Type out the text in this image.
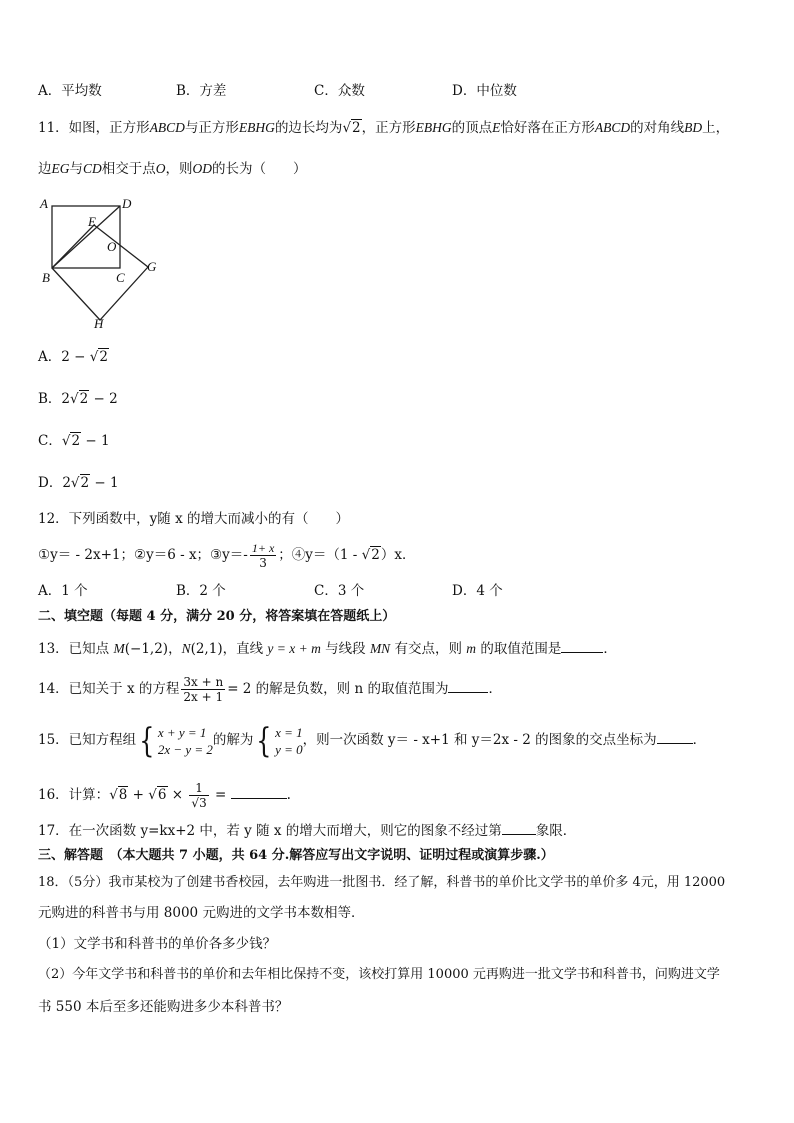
A．平均数	B．方差	C．众数	D．中位数
11．如图，正方形ABCD与正方形EBHG的边长均为√2，正方形EBHG的顶点E恰好落在正方形ABCD的对角线BD上，
边EG与CD相交于点O，则OD的长为（　　）
A	D
E
O
B	C
G
H
A．2 − √2
B．2√2 − 2
C．√2 − 1
D．2√2 − 1
12．下列函数中，y随 x 的增大而减小的有（　　）
①y＝ - 2x+1；②y＝6 - x；③y＝- $\frac{1+ x}{3}$ ；④y＝（1 - √2）x．
A．1 个	B．2 个	C．3 个	D．4 个
二、填空题（每题 4 分，满分 20 分，将答案填在答题纸上）
13．已知点 M(−1,2)，N(2,1)，直线 y = x + m 与线段 MN 有交点，则 m 的取值范围是	．
14．已知关于 x 的方程 $\frac{3x + n}{2x + 1} = 2$ 的解是负数，则 n 的取值范围为	．
15．已知方程组{ x + y = 1
2x − y = 2
的解为{ x = 1
y = 0
，则一次函数 y＝ - x+1 和 y＝2x - 2 的图象的交点坐标为	．
16．计算：$√8 + √6 \times \frac{1}{√3}$ =	.
17．在一次函数 y=kx+2 中，若 y 随 x 的增大而增大，则它的图象不经过第	象限．
三、解答题　（本大题共 7 小题，共 64 分.解答应写出文字说明、证明过程或演算步骤.）
18．（5分）我市某校为了创建书香校园，去年购进一批图书．经了解，科普书的单价比文学书的单价多 4元，用 12000
元购进的科普书与用 8000 元购进的文学书本数相等．
（1）文学书和科普书的单价各多少钱？
（2）今年文学书和科普书的单价和去年相比保持不变，该校打算用 10000 元再购进一批文学书和科普书，问购进文学
书 550 本后至多还能购进多少本科普书？
